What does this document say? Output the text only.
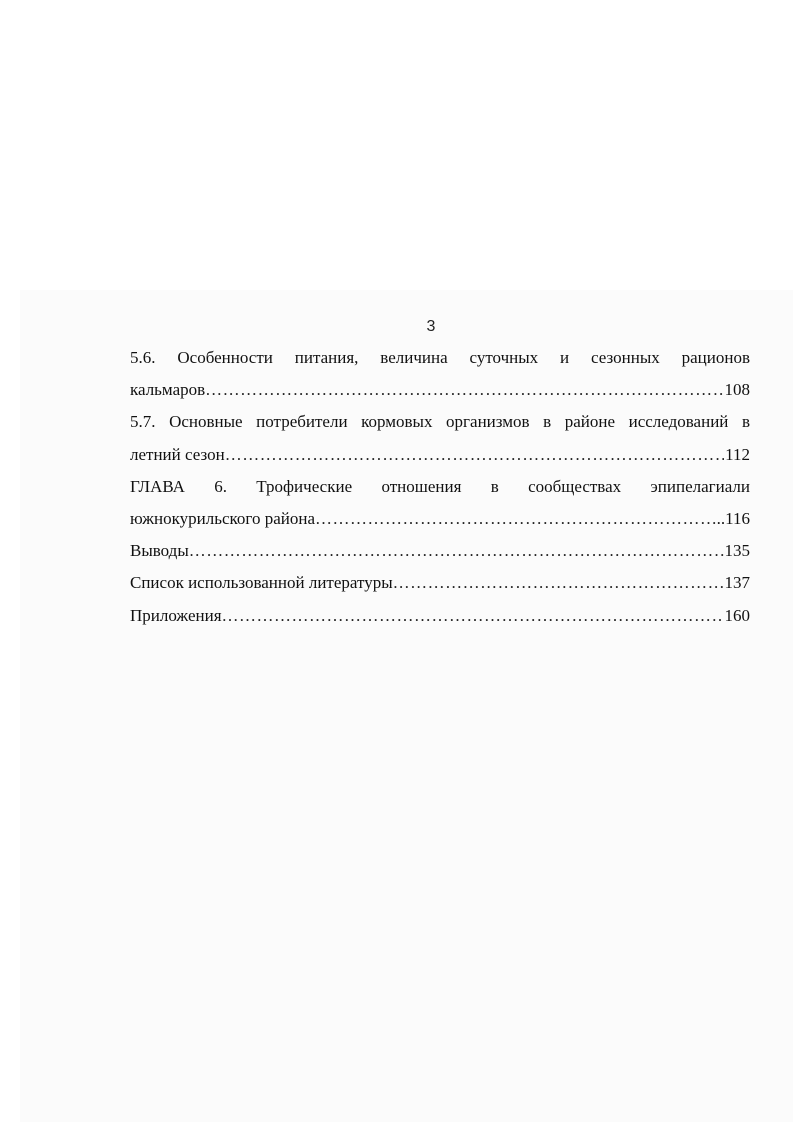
3
5.6. Особенности питания, величина суточных и сезонных рационов
кальмаров ……………………………………………………………………………………………………………………………………………………………………	108
5.7. Основные потребители кормовых организмов в районе исследований в
летний сезон ……………………………………………………………………………………………………………………………………………………………………	112
ГЛАВА 6. Трофические отношения в сообществах эпипелагиали
южнокурильского района ……………………………………………………………………………………………………………………………………………………………………	..116
Выводы ……………………………………………………………………………………………………………………………………………………………………	135
Список использованной литературы ……………………………………………………………………………………………………………………………………………………………………	137
Приложения ……………………………………………………………………………………………………………………………………………………………………	160
